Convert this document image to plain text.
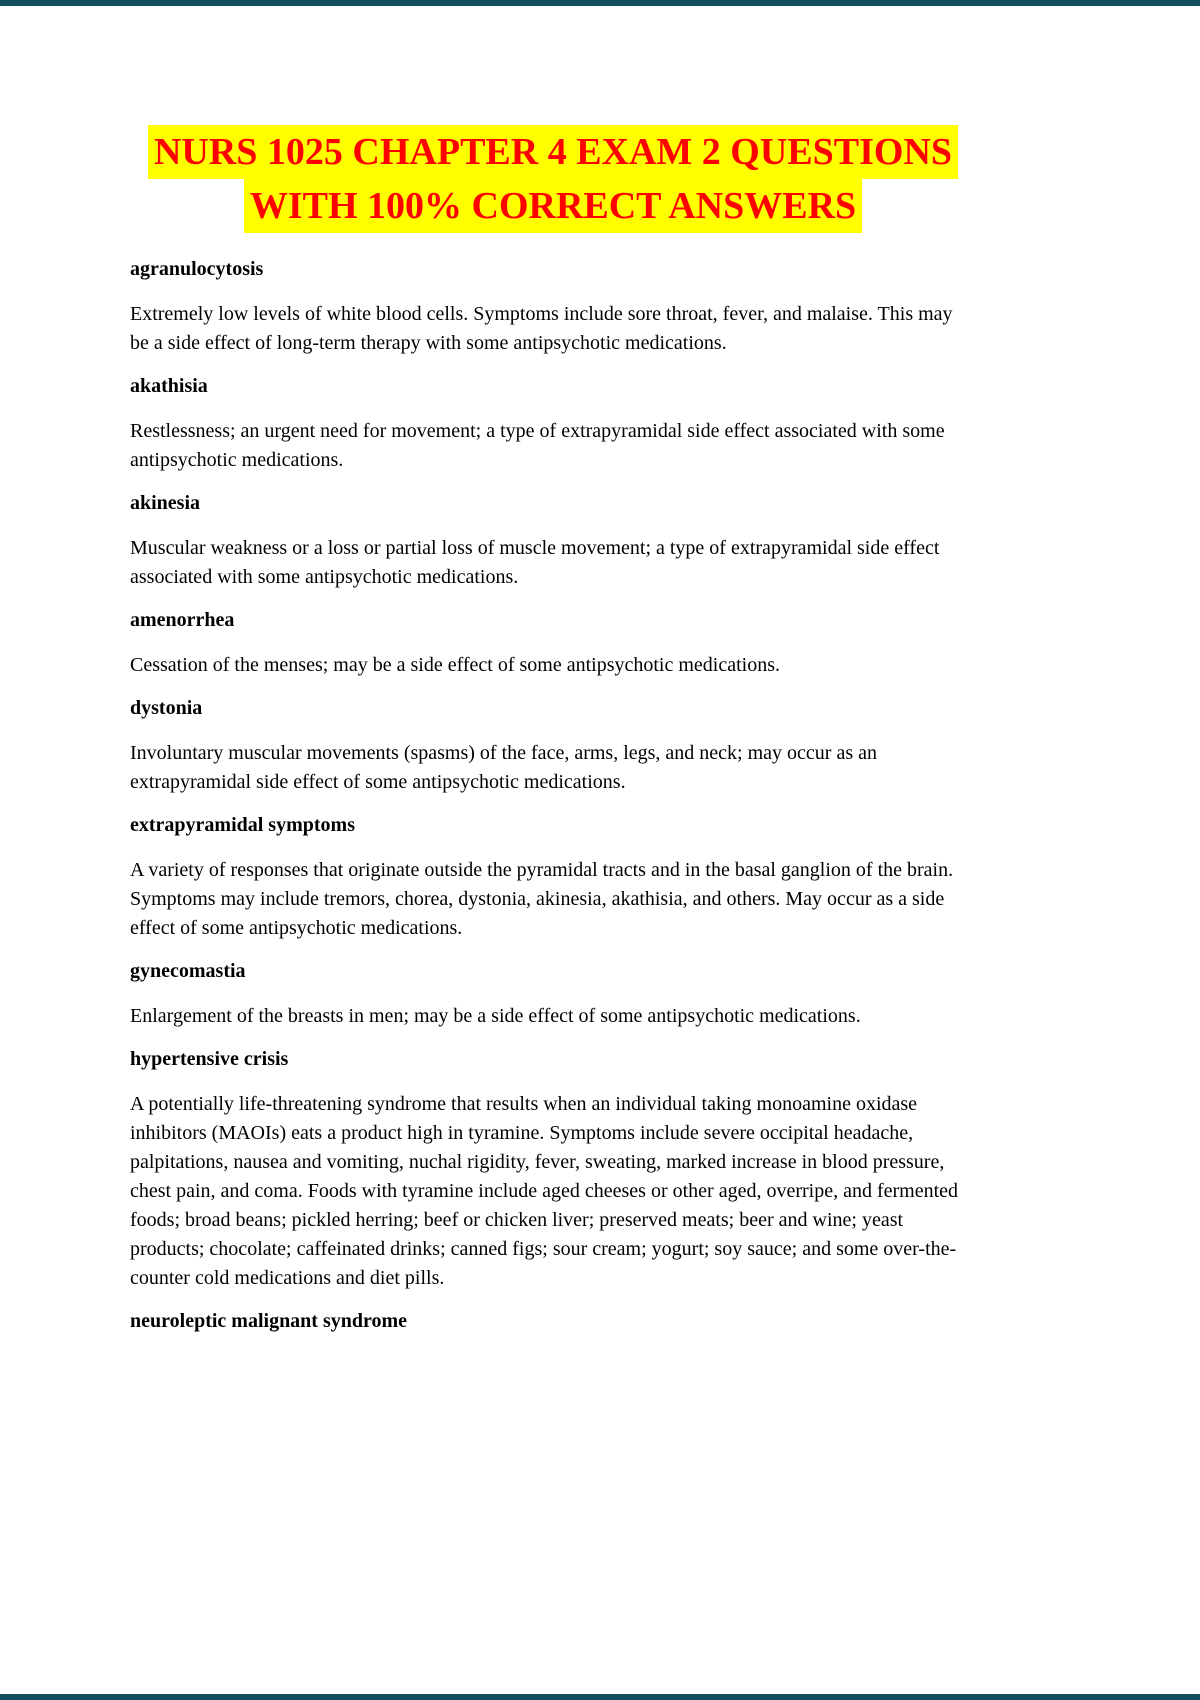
NURS 1025 CHAPTER 4 EXAM 2 QUESTIONS
WITH 100% CORRECT ANSWERS
agranulocytosis

Extremely low levels of white blood cells. Symptoms include sore throat, fever, and malaise. This may be a side effect of long-term therapy with some antipsychotic medications.

akathisia

Restlessness; an urgent need for movement; a type of extrapyramidal side effect associated with some antipsychotic medications.

akinesia

Muscular weakness or a loss or partial loss of muscle movement; a type of extrapyramidal side effect associated with some antipsychotic medications.

amenorrhea

Cessation of the menses; may be a side effect of some antipsychotic medications.

dystonia

Involuntary muscular movements (spasms) of the face, arms, legs, and neck; may occur as an extrapyramidal side effect of some antipsychotic medications.

extrapyramidal symptoms

A variety of responses that originate outside the pyramidal tracts and in the basal ganglion of the brain. Symptoms may include tremors, chorea, dystonia, akinesia, akathisia, and others. May occur as a side effect of some antipsychotic medications.

gynecomastia

Enlargement of the breasts in men; may be a side effect of some antipsychotic medications.

hypertensive crisis

A potentially life-threatening syndrome that results when an individual taking monoamine oxidase inhibitors (MAOIs) eats a product high in tyramine. Symptoms include severe occipital headache, palpitations, nausea and vomiting, nuchal rigidity, fever, sweating, marked increase in blood pressure, chest pain, and coma. Foods with tyramine include aged cheeses or other aged, overripe, and fermented foods; broad beans; pickled herring; beef or chicken liver; preserved meats; beer and wine; yeast products; chocolate; caffeinated drinks; canned figs; sour cream; yogurt; soy sauce; and some over-the-counter cold medications and diet pills.

neuroleptic malignant syndrome
